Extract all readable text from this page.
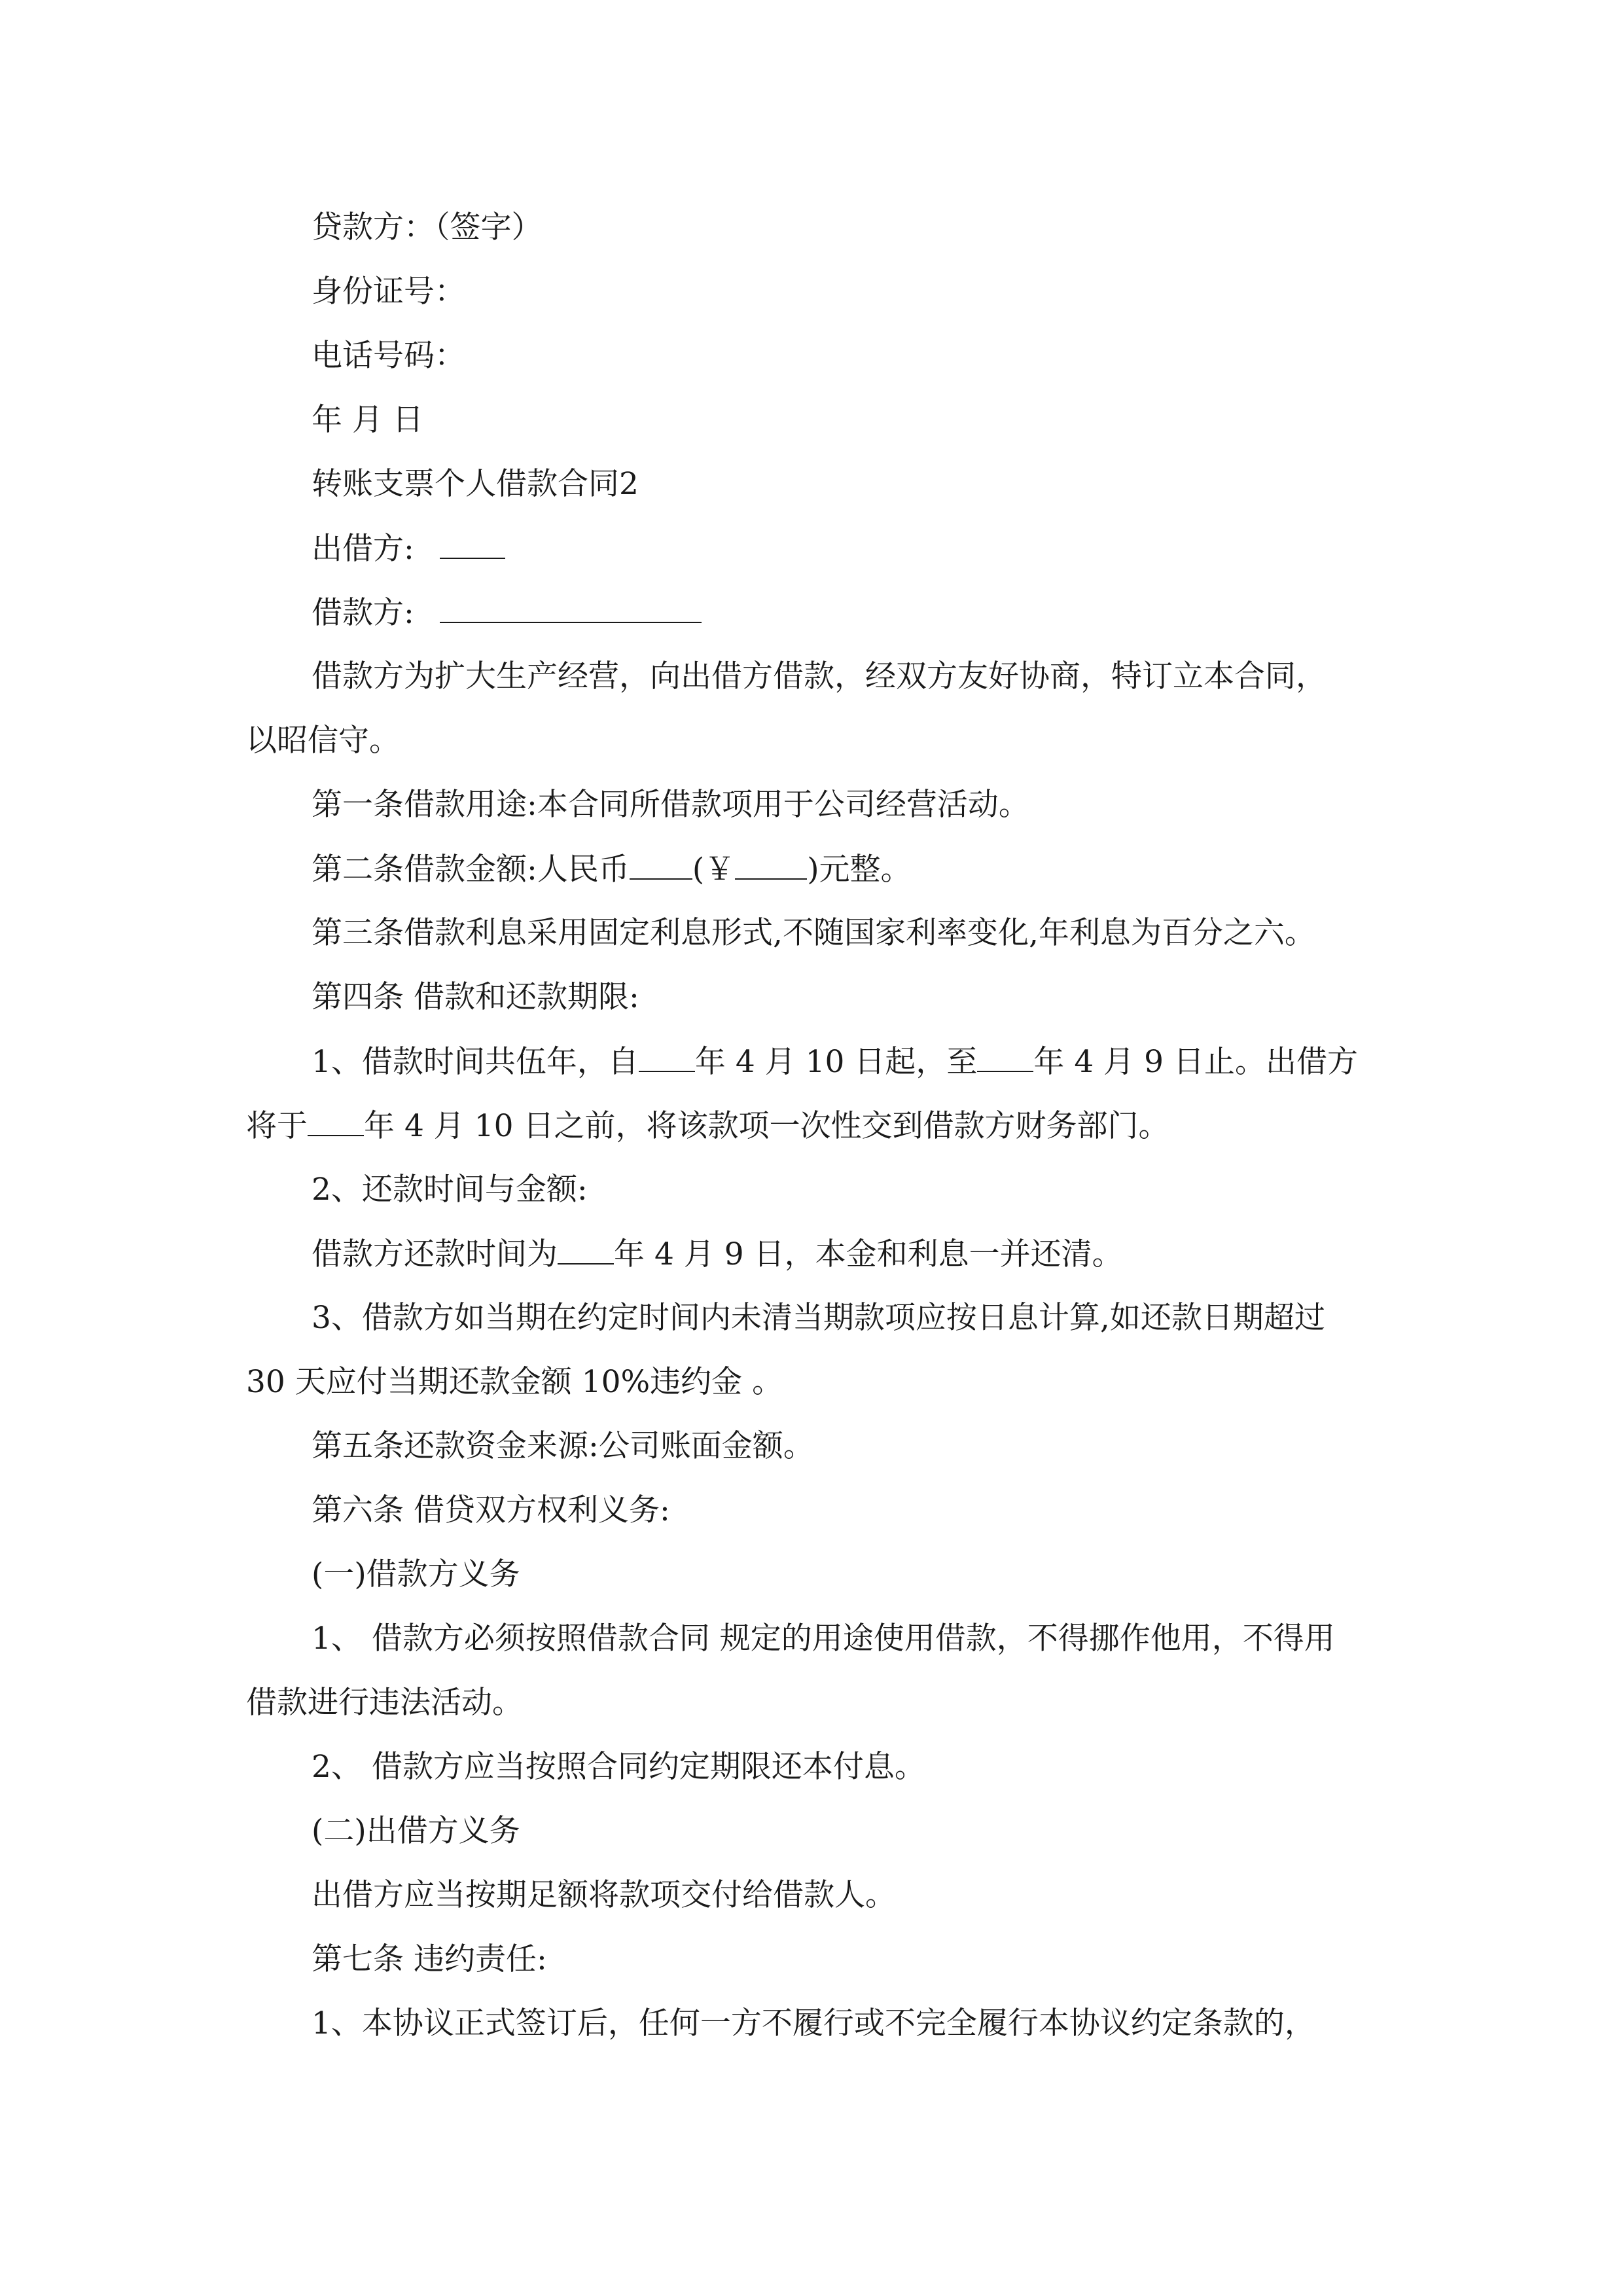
贷款方：（签字）
身份证号：
电话号码：
年 月 日
转账支票个人借款合同2
出借方:
借款方:
借款方为扩大生产经营，向出借方借款，经双方友好协商，特订立本合同，
以昭信守。
第一条借款用途:本合同所借款项用于公司经营活动。
第二条借款金额:人民币 (￥ )元整。
第三条借款利息采用固定利息形式,不随国家利率变化,年利息为百分之六。
第四条 借款和还款期限:
1、借款时间共伍年，自 年 4 月 10 日起，至 年 4 月 9 日止。出借方
将于 年 4 月 10 日之前，将该款项一次性交到借款方财务部门。
2、还款时间与金额:
借款方还款时间为 年 4 月 9 日，本金和利息一并还清。
3、借款方如当期在约定时间内未清当期款项应按日息计算,如还款日期超过
30 天应付当期还款金额 10%违约金 。
第五条还款资金来源:公司账面金额。
第六条 借贷双方权利义务:
(一)借款方义务
1、 借款方必须按照借款合同 规定的用途使用借款，不得挪作他用，不得用
借款进行违法活动。
2、 借款方应当按照合同约定期限还本付息。
(二)出借方义务
出借方应当按期足额将款项交付给借款人。
第七条 违约责任:
1、本协议正式签订后，任何一方不履行或不完全履行本协议约定条款的，
